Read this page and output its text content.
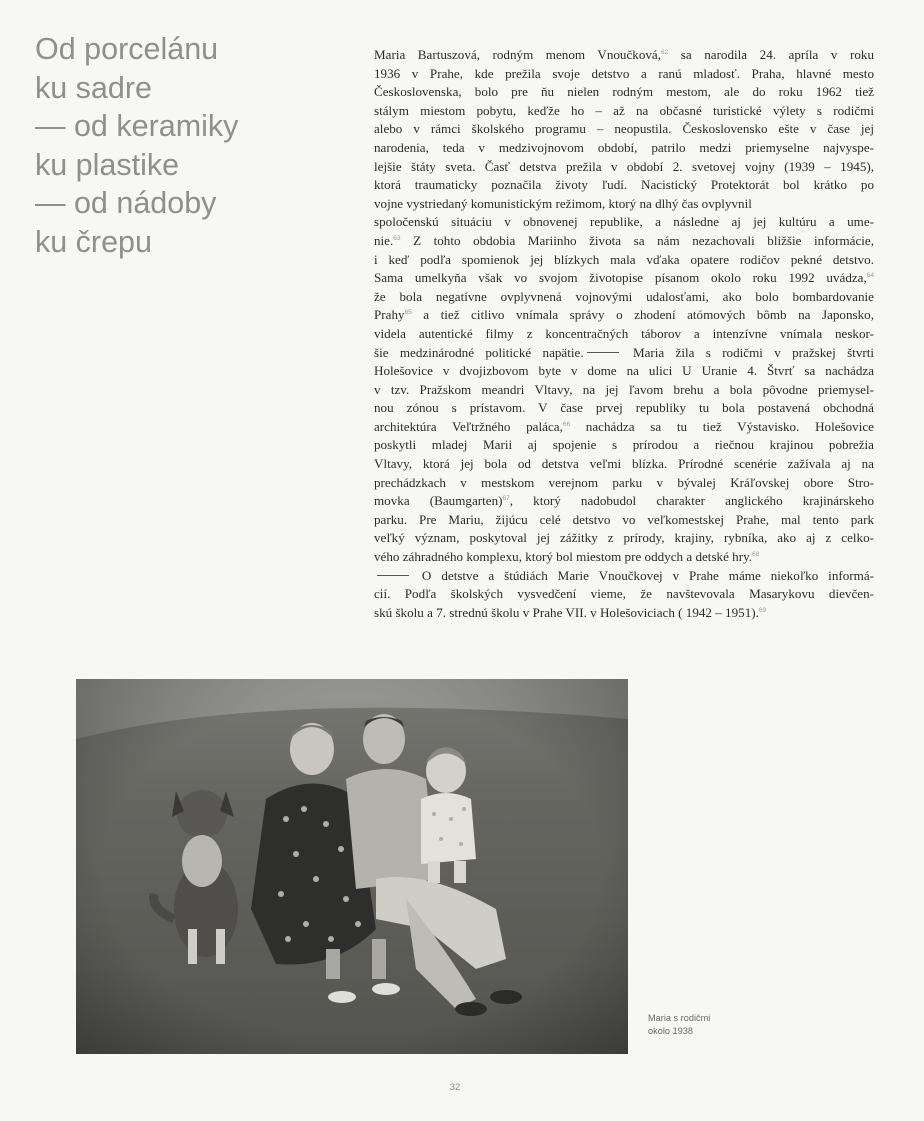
Od porcelánu
ku sadre
— od keramiky
ku plastike
— od nádoby
ku črepu
Maria Bartuszová, rodným menom Vnoučková,$^{62}$ sa narodila 24. apríla v roku
1936 v Prahe, kde prežila svoje detstvo a ranú mladosť. Praha, hlavné mesto
Československa, bolo pre ňu nielen rodným mestom, ale do roku 1962 tiež
stálym miestom pobytu, keďže ho – až na občasné turistické výlety s rodičmi
alebo v rámci školského programu – neopustila. Československo ešte v čase jej
narodenia, teda v medzivojnovom období, patrilo medzi priemyselne najvyspe-
lejšie štáty sveta. Časť detstva prežila v období 2. svetovej vojny (1939 – 1945),
ktorá traumaticky poznačila životy ľudí. Nacistický Protektorát bol krátko po
vojne vystriedaný komunistickým režimom, ktorý na dlhý čas ovplyvnil
spoločenskú situáciu v obnovenej republike, a následne aj jej kultúru a ume-
nie.$^{63}$ Z tohto obdobia Mariinho života sa nám nezachovali bližšie informácie,
i keď podľa spomienok jej blízkych mala vďaka opatere rodičov pekné detstvo.
Sama umelkyňa však vo svojom životopise písanom okolo roku 1992 uvádza,$^{64}$
že bola negatívne ovplyvnená vojnovými udalosťami, ako bolo bombardovanie
Prahy$^{65}$ a tiež citlivo vnímala správy o zhodení atómových bômb na Japonsko,
videla autentické filmy z koncentračných táborov a intenzívne vnímala neskor-
šie medzinárodné politické napätie.	Maria žila s rodičmi v pražskej štvrti
Holešovice v dvojizbovom byte v dome na ulici U Uranie 4. Štvrť sa nachádza
v tzv. Pražskom meandri Vltavy, na jej ľavom brehu a bola pôvodne priemysel-
nou zónou s prístavom. V čase prvej republiky tu bola postavená obchodná
architektúra Veľtržného paláca,$^{66}$ nachádza sa tu tiež Výstavisko. Holešovice
poskytli mladej Marii aj spojenie s prírodou a riečnou krajinou pobrežia
Vltavy, ktorá jej bola od detstva veľmi blízka. Prírodné scenérie zažívala aj na
prechádzkach v mestskom verejnom parku v bývalej Kráľovskej obore Stro-
movka (Baumgarten)$^{67}$, ktorý nadobudol charakter anglického krajinárskeho
parku. Pre Mariu, žijúcu celé detstvo vo veľkomestskej Prahe, mal tento park
veľký význam, poskytoval jej zážitky z prírody, krajiny, rybníka, ako aj z celko-
vého záhradného komplexu, ktorý bol miestom pre oddych a detské hry.$^{68}$
O detstve a štúdiách Marie Vnoučkovej v Prahe máme niekoľko informá-
cií. Podľa školských vysvedčení vieme, že navštevovala Masarykovu dievčen-
skú školu a 7. strednú školu v Prahe VII. v Holešoviciach ( 1942 – 1951).$^{69}$
Maria s rodičmi
okolo 1938
32
